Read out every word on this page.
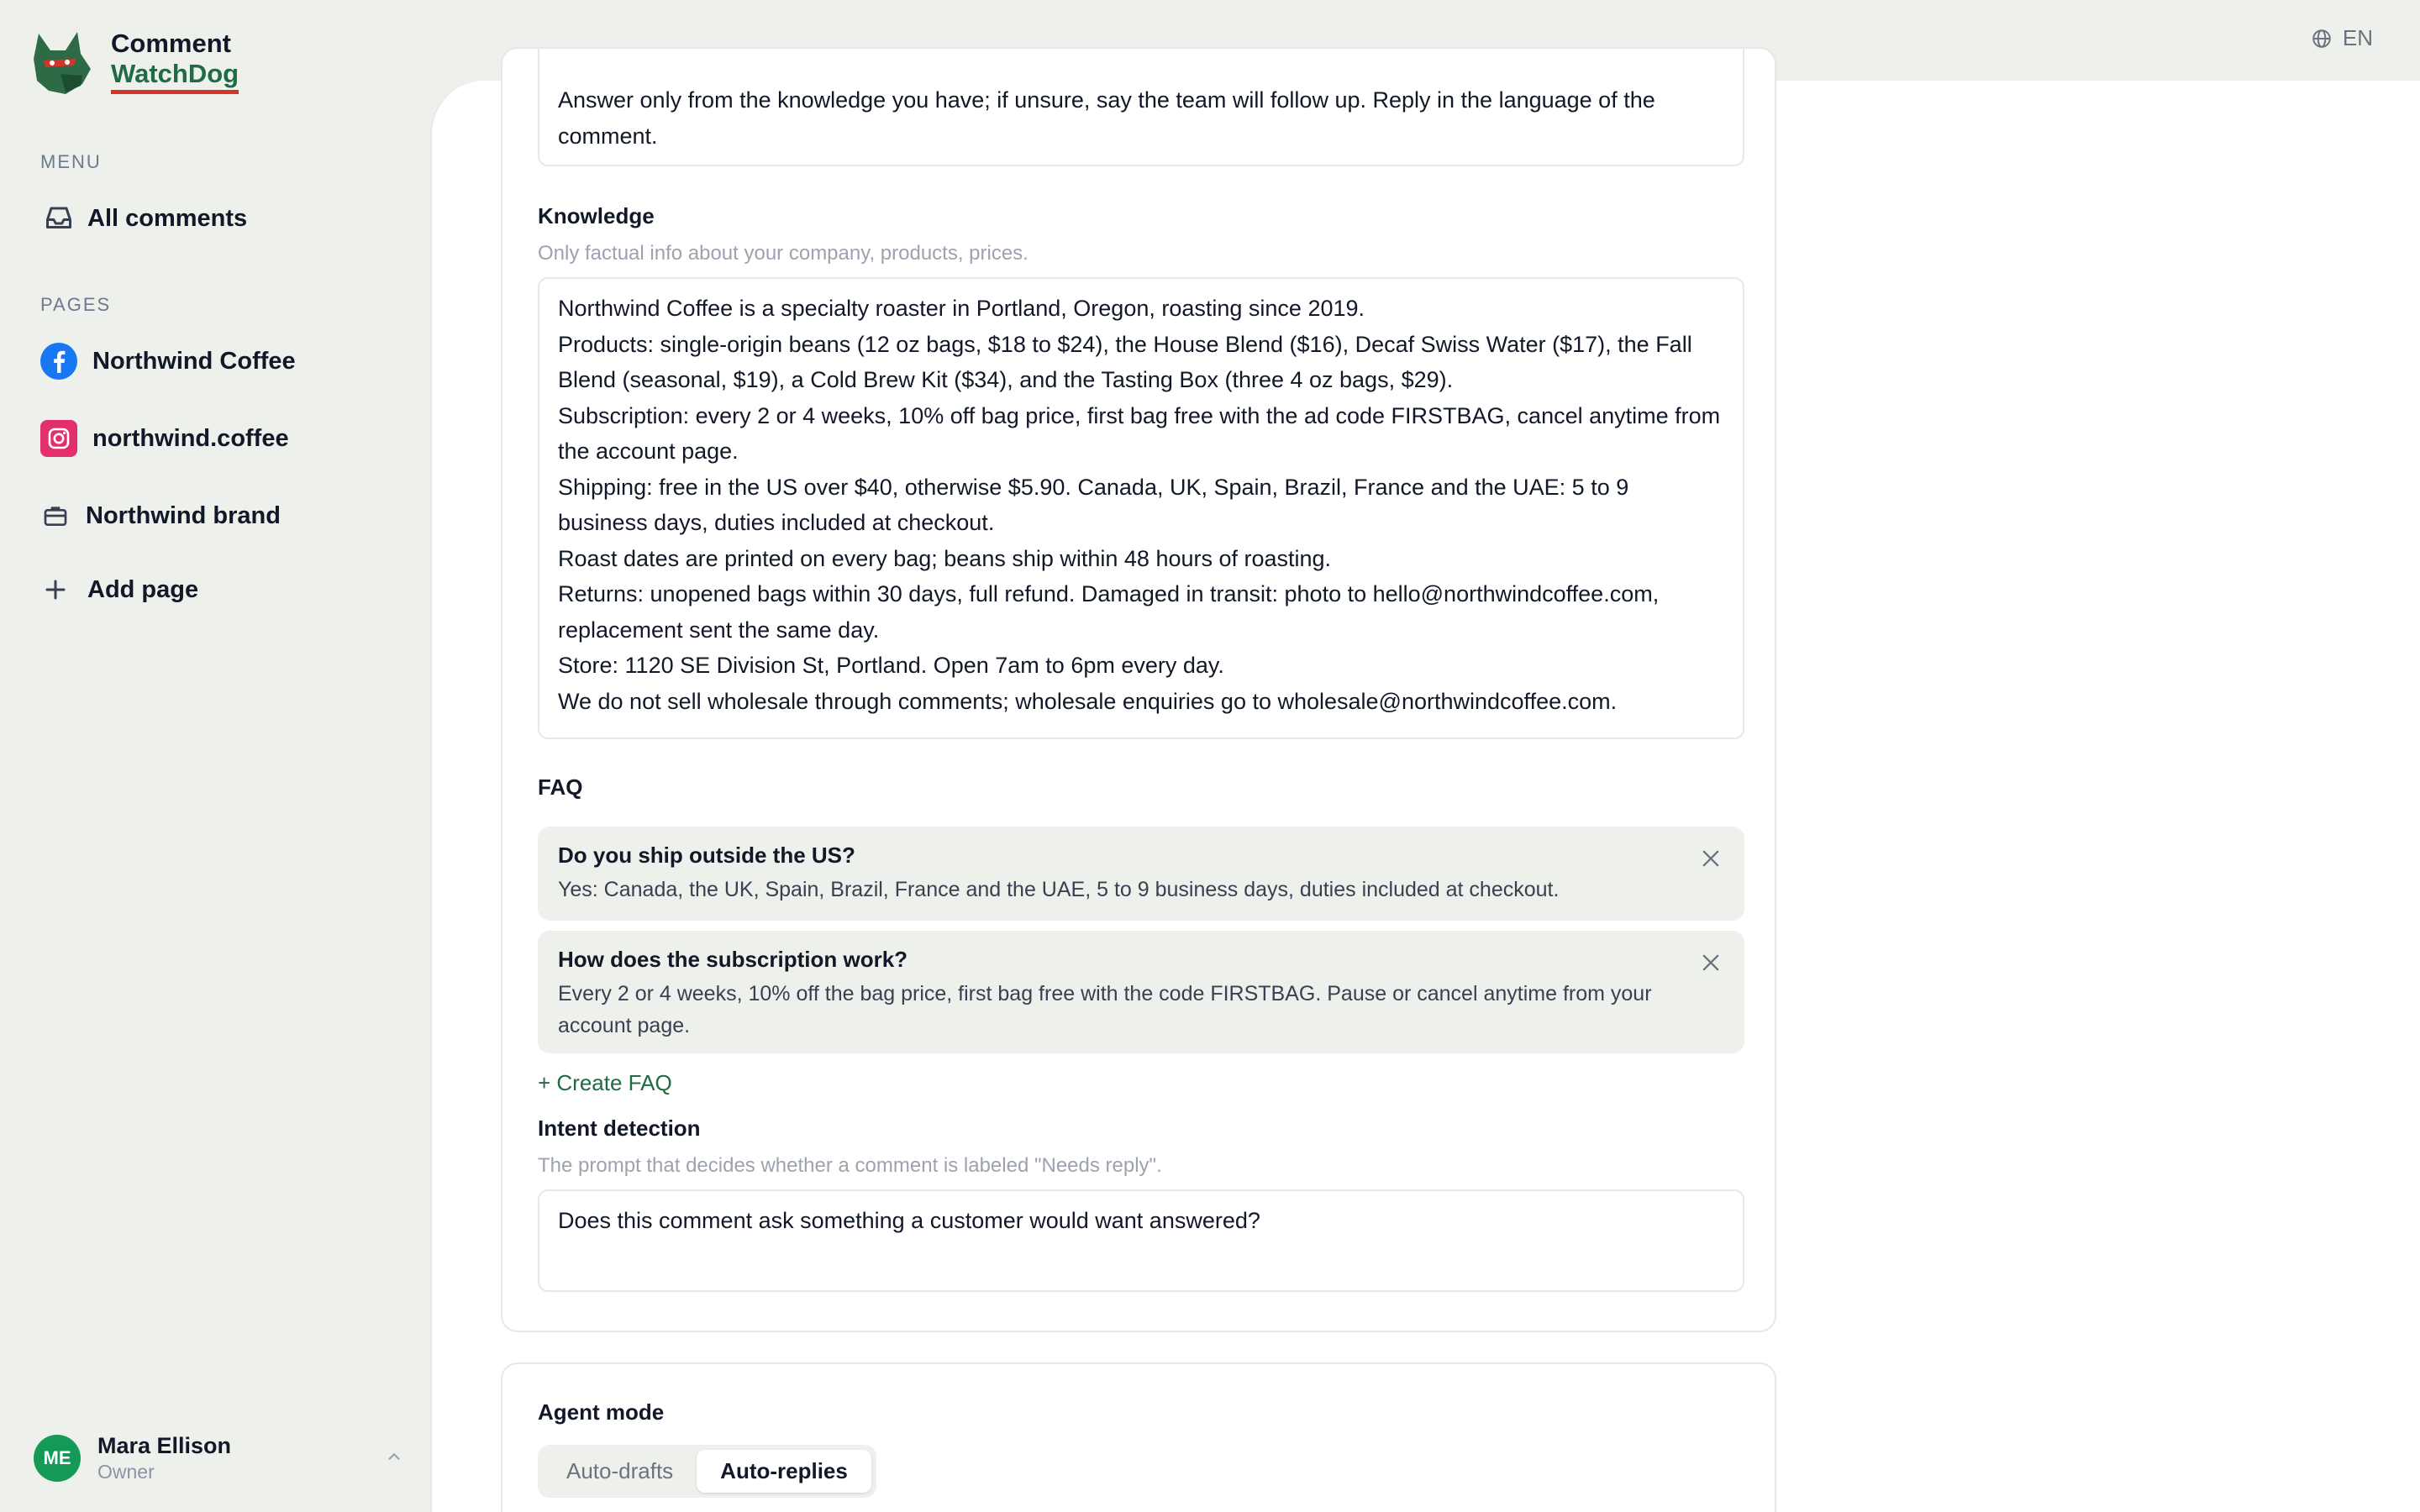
Comment
WatchDog
MENU
All comments
PAGES
Northwind Coffee
northwind.coffee
Northwind brand
Add page
ME	Mara Ellison
Owner
EN
Answer only from the knowledge you have; if unsure, say the team will follow up. Reply in the language of the comment.
Knowledge
Only factual info about your company, products, prices.

Northwind Coffee is a specialty roaster in Portland, Oregon, roasting since 2019.

Products: single-origin beans (12 oz bags, $18 to $24), the House Blend ($16), Decaf Swiss Water ($17), the Fall Blend (seasonal, $19), a Cold Brew Kit ($34), and the Tasting Box (three 4 oz bags, $29).

Subscription: every 2 or 4 weeks, 10% off bag price, first bag free with the ad code FIRSTBAG, cancel anytime from the account page.

Shipping: free in the US over $40, otherwise $5.90. Canada, UK, Spain, Brazil, France and the UAE: 5 to 9 business days, duties included at checkout.

Roast dates are printed on every bag; beans ship within 48 hours of roasting.

Returns: unopened bags within 30 days, full refund. Damaged in transit: photo to hello@northwindcoffee.com, replacement sent the same day.

Store: 1120 SE Division St, Portland. Open 7am to 6pm every day.

We do not sell wholesale through comments; wholesale enquiries go to wholesale@northwindcoffee.com.

FAQ
Do you ship outside the US?
Yes: Canada, the UK, Spain, Brazil, France and the UAE, 5 to 9 business days, duties included at checkout.
How does the subscription work?
Every 2 or 4 weeks, 10% off the bag price, first bag free with the code FIRSTBAG. Pause or cancel anytime from your account page.
+ Create FAQ
Intent detection
The prompt that decides whether a comment is labeled "Needs reply".
Does this comment ask something a customer would want answered?
Agent mode
Auto-drafts	Auto-replies
